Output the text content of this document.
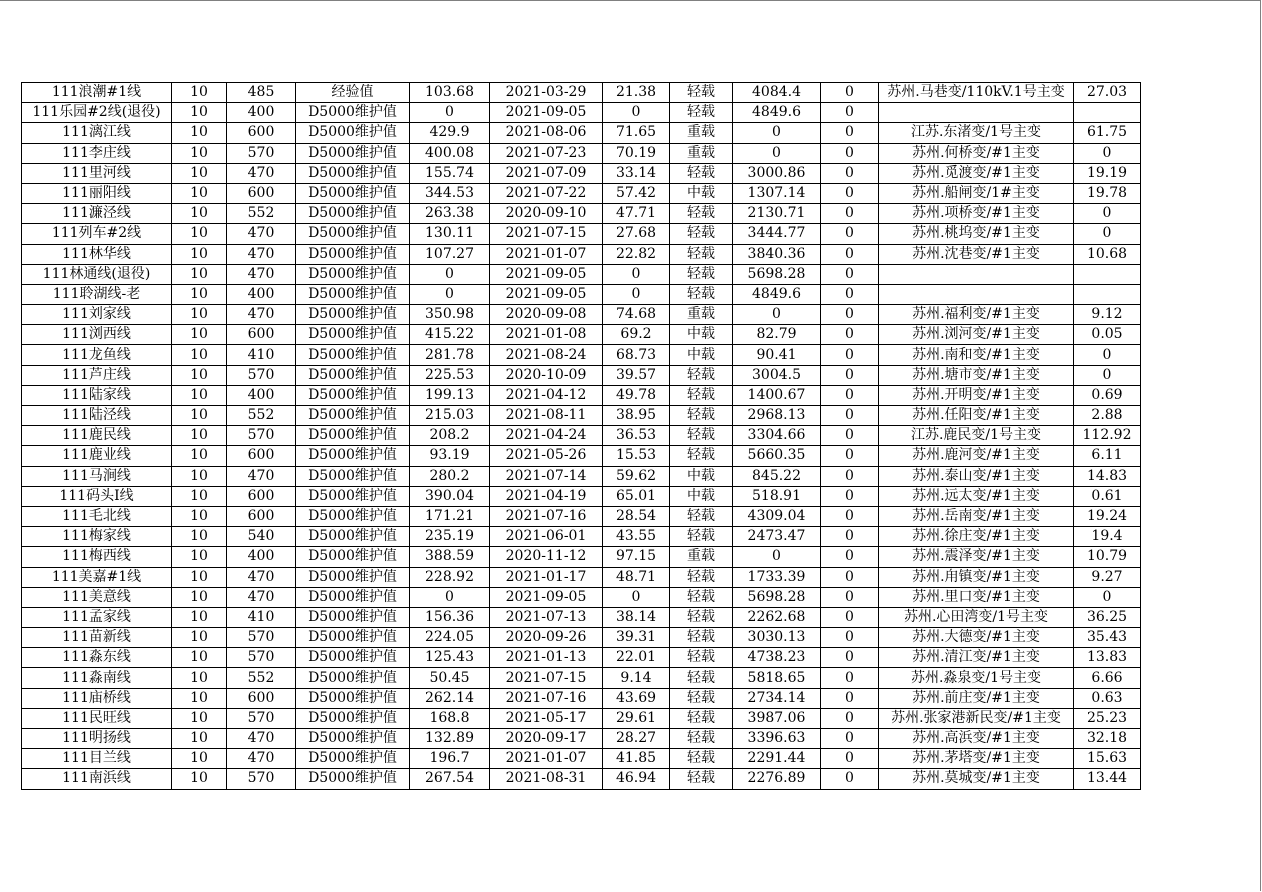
111浪潮#1线	10	485	经验值	103.68	2021-03-29	21.38	轻载	4084.4	0	苏州.马巷变/110kV.1号主变	27.03
111乐园#2线(退役)	10	400	D5000维护值	0	2021-09-05	0	轻载	4849.6	0		
111漓江线	10	600	D5000维护值	429.9	2021-08-06	71.65	重载	0	0	江苏.东渚变/1号主变	61.75
111李庄线	10	570	D5000维护值	400.08	2021-07-23	70.19	重载	0	0	苏州.何桥变/#1主变	0
111里河线	10	470	D5000维护值	155.74	2021-07-09	33.14	轻载	3000.86	0	苏州.觅渡变/#1主变	19.19
111丽阳线	10	600	D5000维护值	344.53	2021-07-22	57.42	中载	1307.14	0	苏州.船闸变/1#主变	19.78
111濂泾线	10	552	D5000维护值	263.38	2020-09-10	47.71	轻载	2130.71	0	苏州.项桥变/#1主变	0
111列车#2线	10	470	D5000维护值	130.11	2021-07-15	27.68	轻载	3444.77	0	苏州.桃坞变/#1主变	0
111林华线	10	470	D5000维护值	107.27	2021-01-07	22.82	轻载	3840.36	0	苏州.沈巷变/#1主变	10.68
111林通线(退役)	10	470	D5000维护值	0	2021-09-05	0	轻载	5698.28	0		
111聆湖线-老	10	400	D5000维护值	0	2021-09-05	0	轻载	4849.6	0		
111刘家线	10	470	D5000维护值	350.98	2020-09-08	74.68	重载	0	0	苏州.福利变/#1主变	9.12
111浏西线	10	600	D5000维护值	415.22	2021-01-08	69.2	中载	82.79	0	苏州.浏河变/#1主变	0.05
111龙鱼线	10	410	D5000维护值	281.78	2021-08-24	68.73	中载	90.41	0	苏州.南和变/#1主变	0
111芦庄线	10	570	D5000维护值	225.53	2020-10-09	39.57	轻载	3004.5	0	苏州.塘市变/#1主变	0
111陆家线	10	400	D5000维护值	199.13	2021-04-12	49.78	轻载	1400.67	0	苏州.开明变/#1主变	0.69
111陆泾线	10	552	D5000维护值	215.03	2021-08-11	38.95	轻载	2968.13	0	苏州.任阳变/#1主变	2.88
111鹿民线	10	570	D5000维护值	208.2	2021-04-24	36.53	轻载	3304.66	0	江苏.鹿民变/1号主变	112.92
111鹿业线	10	600	D5000维护值	93.19	2021-05-26	15.53	轻载	5660.35	0	苏州.鹿河变/#1主变	6.11
111马涧线	10	470	D5000维护值	280.2	2021-07-14	59.62	中载	845.22	0	苏州.泰山变/#1主变	14.83
111码头I线	10	600	D5000维护值	390.04	2021-04-19	65.01	中载	518.91	0	苏州.远太变/#1主变	0.61
111毛北线	10	600	D5000维护值	171.21	2021-07-16	28.54	轻载	4309.04	0	苏州.岳南变/#1主变	19.24
111梅家线	10	540	D5000维护值	235.19	2021-06-01	43.55	轻载	2473.47	0	苏州.徐庄变/#1主变	19.4
111梅西线	10	400	D5000维护值	388.59	2020-11-12	97.15	重载	0	0	苏州.震泽变/#1主变	10.79
111美嘉#1线	10	470	D5000维护值	228.92	2021-01-17	48.71	轻载	1733.39	0	苏州.甪镇变/#1主变	9.27
111美意线	10	470	D5000维护值	0	2021-09-05	0	轻载	5698.28	0	苏州.里口变/#1主变	0
111孟家线	10	410	D5000维护值	156.36	2021-07-13	38.14	轻载	2262.68	0	苏州.心田湾变/1号主变	36.25
111苗新线	10	570	D5000维护值	224.05	2020-09-26	39.31	轻载	3030.13	0	苏州.大德变/#1主变	35.43
111淼东线	10	570	D5000维护值	125.43	2021-01-13	22.01	轻载	4738.23	0	苏州.清江变/#1主变	13.83
111淼南线	10	552	D5000维护值	50.45	2021-07-15	9.14	轻载	5818.65	0	苏州.淼泉变/1号主变	6.66
111庙桥线	10	600	D5000维护值	262.14	2021-07-16	43.69	轻载	2734.14	0	苏州.前庄变/#1主变	0.63
111民旺线	10	570	D5000维护值	168.8	2021-05-17	29.61	轻载	3987.06	0	苏州.张家港新民变/#1主变	25.23
111明扬线	10	470	D5000维护值	132.89	2020-09-17	28.27	轻载	3396.63	0	苏州.高浜变/#1主变	32.18
111目兰线	10	470	D5000维护值	196.7	2021-01-07	41.85	轻载	2291.44	0	苏州.茅塔变/#1主变	15.63
111南浜线	10	570	D5000维护值	267.54	2021-08-31	46.94	轻载	2276.89	0	苏州.莫城变/#1主变	13.44
